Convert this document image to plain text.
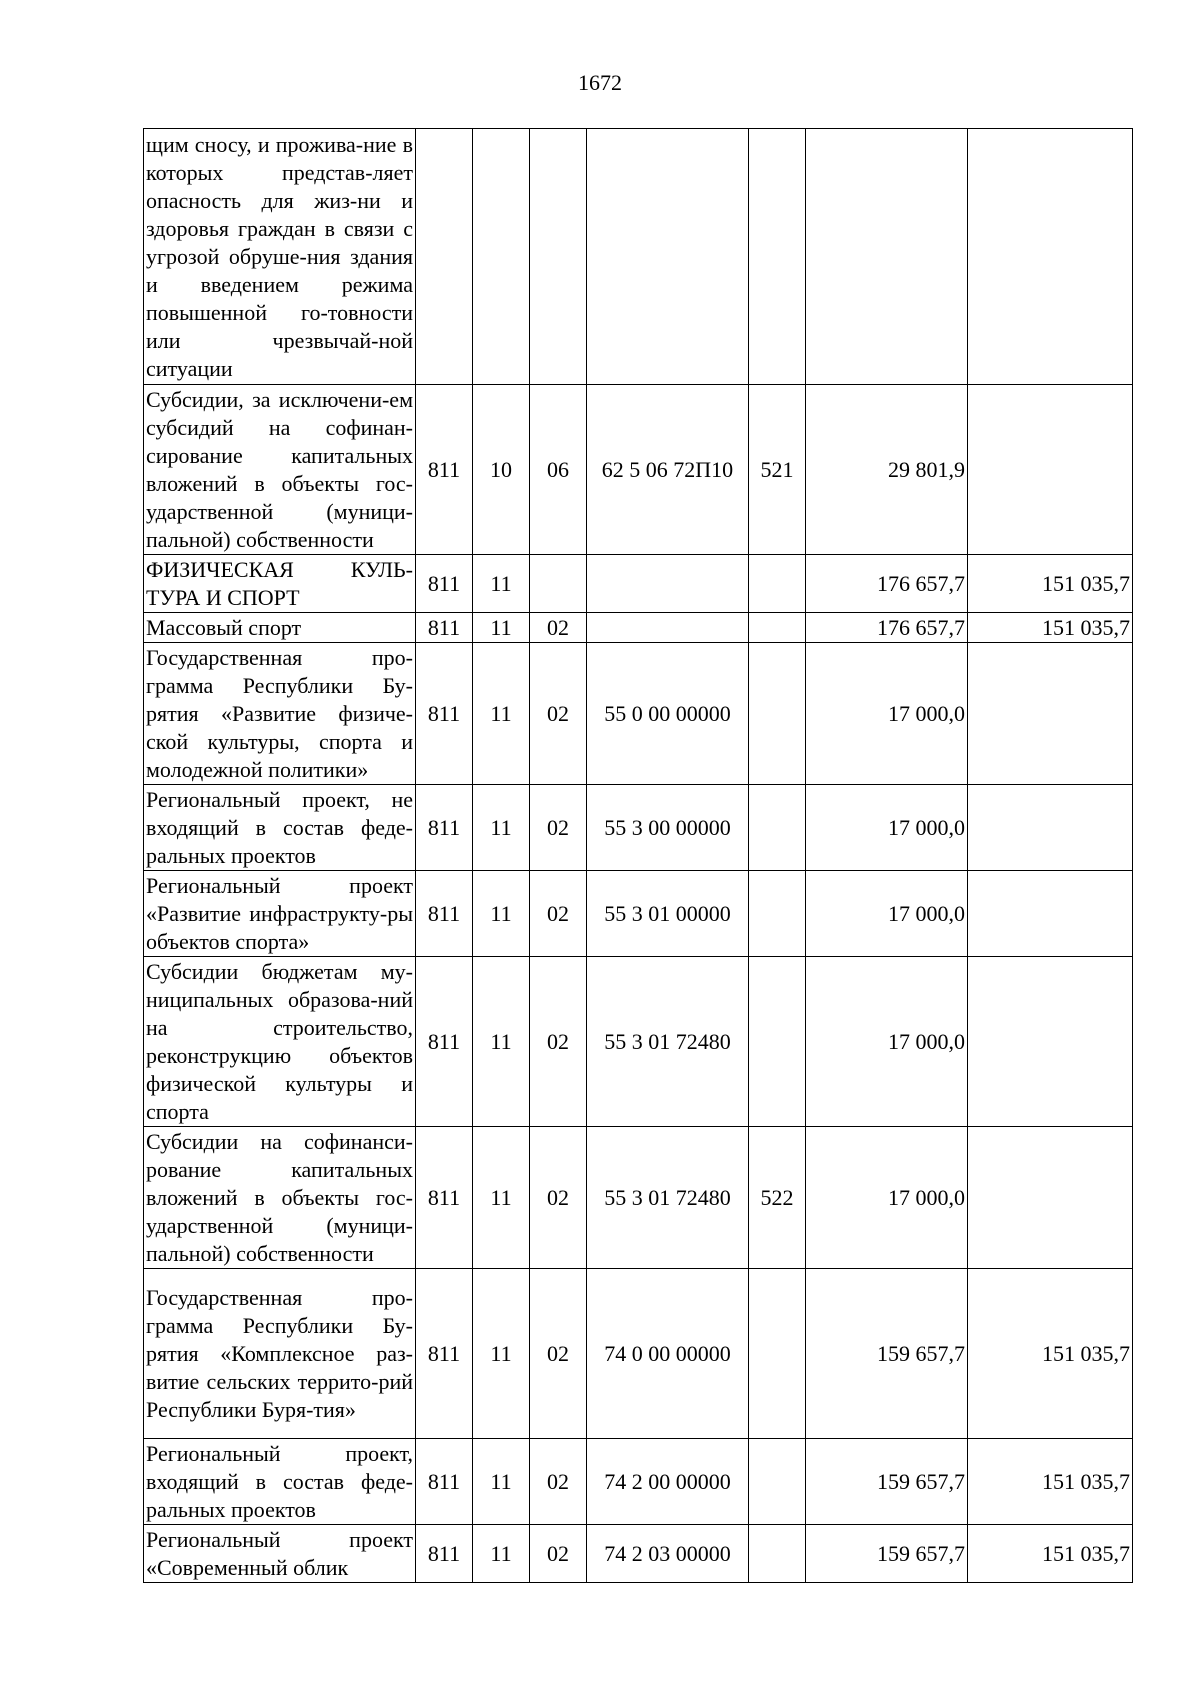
1672
щим сносу, и прожива-ние в которых представ-ляет опасность для жиз-ни и здоровья граждан в связи с угрозой обруше-ния здания и введением режима повышенной го-товности или чрезвычай-ной ситуации							
Субсидии, за исключени-ем субсидий на софинан-сирование капитальных вложений в объекты гос-ударственной (муници-пальной) собственности	811	10	06	62 5 06 72П10	521	29 801,9	
ФИЗИЧЕСКАЯ КУЛЬ-ТУРА И СПОРТ	811	11				176 657,7	151 035,7
Массовый спорт	811	11	02			176 657,7	151 035,7
Государственная про-грамма Республики Бу-рятия «Развитие физиче-ской культуры, спорта и молодежной политики»	811	11	02	55 0 00 00000		17 000,0	
Региональный проект, не входящий в состав феде-ральных проектов	811	11	02	55 3 00 00000		17 000,0	
Региональный проект «Развитие инфраструкту-ры объектов спорта»	811	11	02	55 3 01 00000		17 000,0	
Субсидии бюджетам му-ниципальных образова-ний на строительство, реконструкцию объектов физической культуры и спорта	811	11	02	55 3 01 72480		17 000,0	
Субсидии на софинанси-рование капитальных вложений в объекты гос-ударственной (муници-пальной) собственности	811	11	02	55 3 01 72480	522	17 000,0	
Государственная про-грамма Республики Бу-рятия «Комплексное раз-витие сельских террито-рий Республики Буря-тия»	811	11	02	74 0 00 00000		159 657,7	151 035,7
Региональный проект, входящий в состав феде-ральных проектов	811	11	02	74 2 00 00000		159 657,7	151 035,7
Региональный проект «Современный облик	811	11	02	74 2 03 00000		159 657,7	151 035,7
